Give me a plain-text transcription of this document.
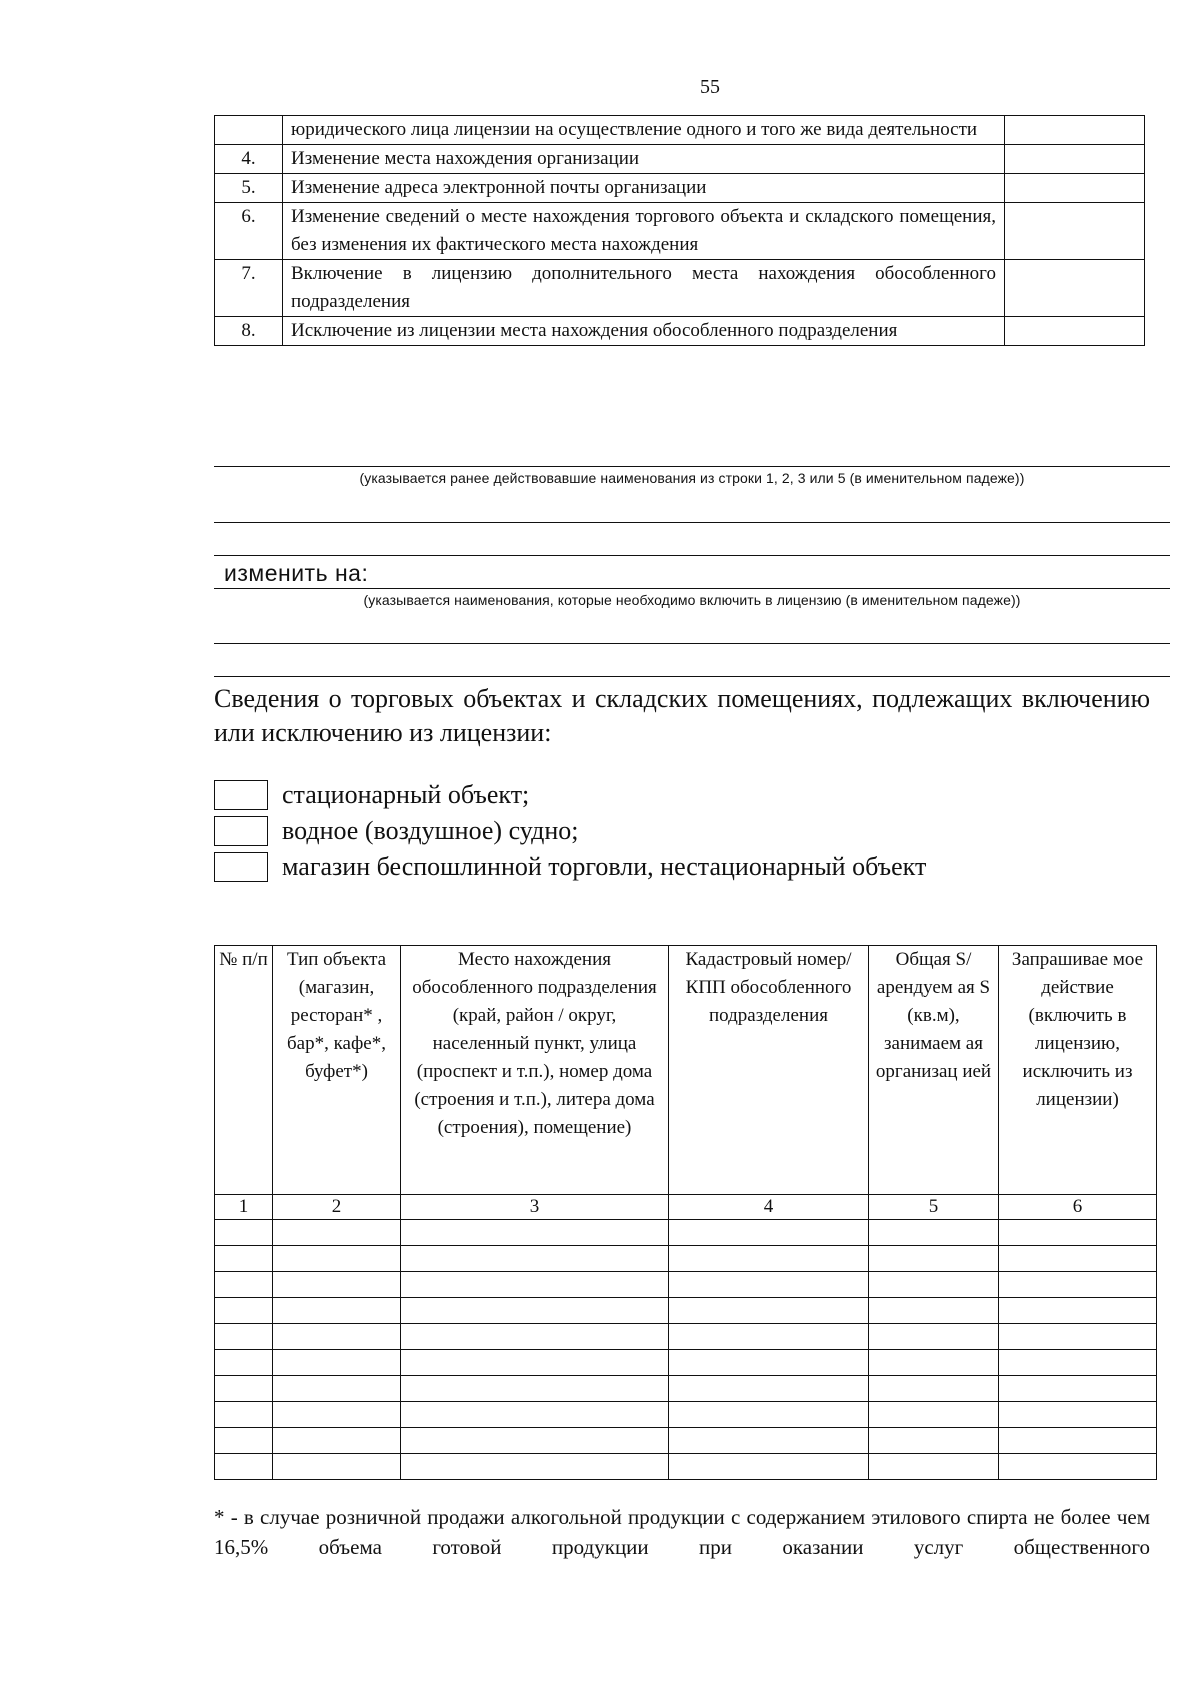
55
	юридического лица лицензии на осуществление одного и того же вида деятельности	
4.	Изменение места нахождения организации	
5.	Изменение адреса электронной почты организации	
6.	Изменение сведений о месте нахождения торгового объекта и складского помещения, без изменения их фактического места нахождения	
7.	Включение в лицензию дополнительного места нахождения обособленного подразделения	
8.	Исключение из лицензии места нахождения обособленного подразделения	
(указывается ранее действовавшие наименования из строки 1, 2, 3 или 5 (в именительном падеже))
изменить на:
(указывается наименования, которые необходимо включить в лицензию (в именительном падеже))
Сведения о торговых объектах и складских помещениях, подлежащих включению или исключению из лицензии:
стационарный объект;
водное (воздушное) судно;
магазин беспошлинной торговли, нестационарный объект
№ п/п	Тип объекта (магазин, ресторан* , бар*, кафе*, буфет*)	Место нахождения обособленного подразделения (край, район / округ, населенный пункт, улица (проспект и т.п.), номер дома (строения и т.п.), литера дома (строения), помещение)	Кадастровый номер/КПП обособленного подразделения	Общая S/ арендуем ая S (кв.м), занимаем ая организац ией	Запрашивае мое действие (включить в лицензию, исключить из лицензии)
1	2	3	4	5	6

* - в случае розничной продажи алкогольной продукции с содержанием этилового спирта не более чем 16,5% объема готовой продукции при оказании услуг общественного
